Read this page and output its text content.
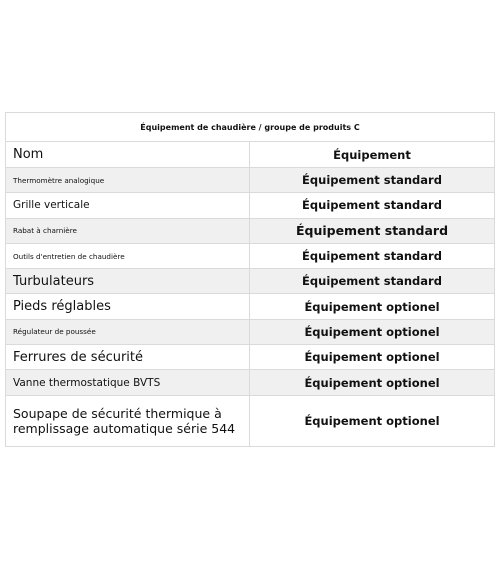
Équipement de chaudière / groupe de produits C	
Nom	Équipement
Thermomètre analogique	Équipement standard
Grille verticale	Équipement standard
Rabat à charnière	Équipement standard
Outils d'entretien de chaudière	Équipement standard
Turbulateurs	Équipement standard
Pieds réglables	Équipement optionel
Régulateur de poussée	Équipement optionel
Ferrures de sécurité	Équipement optionel
Vanne thermostatique BVTS	Équipement optionel
Soupape de sécurité thermique à remplissage automatique série 544	Équipement optionel
